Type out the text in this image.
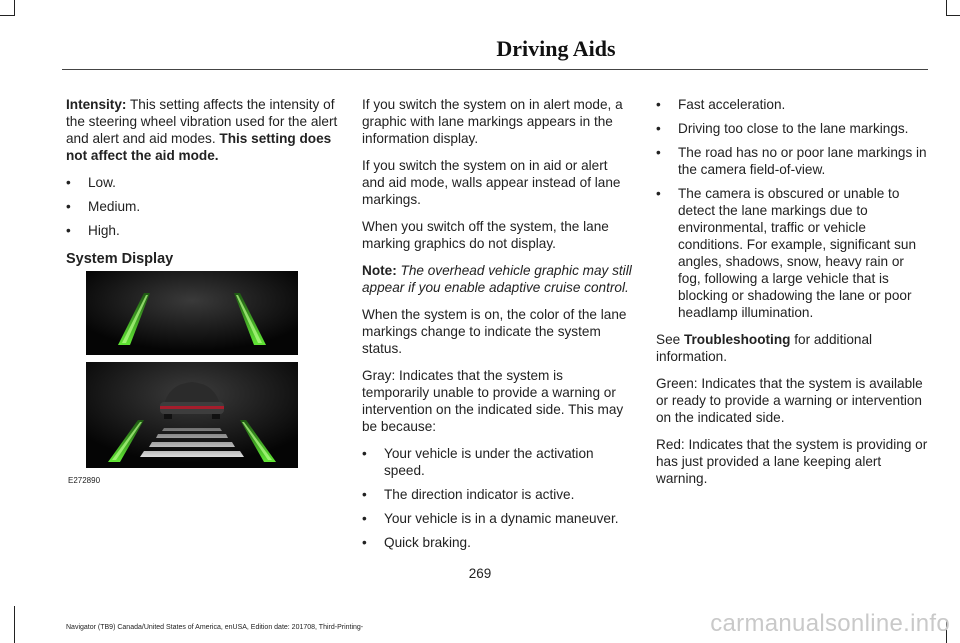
Driving Aids

Intensity: This setting affects the intensity of the steering wheel vibration used for the alert and alert and aid modes. This setting does not affect the aid mode.

• Low.
• Medium.
• High.
System Display
E272890

If you switch the system on in alert mode, a graphic with lane markings appears in the information display.

If you switch the system on in aid or alert and aid mode, walls appear instead of lane markings.

When you switch off the system, the lane marking graphics do not display.

Note: The overhead vehicle graphic may still appear if you enable adaptive cruise control.

When the system is on, the color of the lane markings change to indicate the system status.

Gray: Indicates that the system is temporarily unable to provide a warning or intervention on the indicated side. This may be because:

• Your vehicle is under the activation speed.
• The direction indicator is active.
• Your vehicle is in a dynamic maneuver.
• Quick braking.
• Fast acceleration.
• Driving too close to the lane markings.
• The road has no or poor lane markings in the camera field-of-view.
• The camera is obscured or unable to detect the lane markings due to environmental, traffic or vehicle conditions. For example, significant sun angles, shadows, snow, heavy rain or fog, following a large vehicle that is blocking or shadowing the lane or poor headlamp illumination.

See Troubleshooting for additional information.

Green: Indicates that the system is available or ready to provide a warning or intervention on the indicated side.

Red: Indicates that the system is providing or has just provided a lane keeping alert warning.

269
Navigator (TB9) Canada/United States of America, enUSA, Edition date: 201708, Third-Printing-	carmanualsonline.info
